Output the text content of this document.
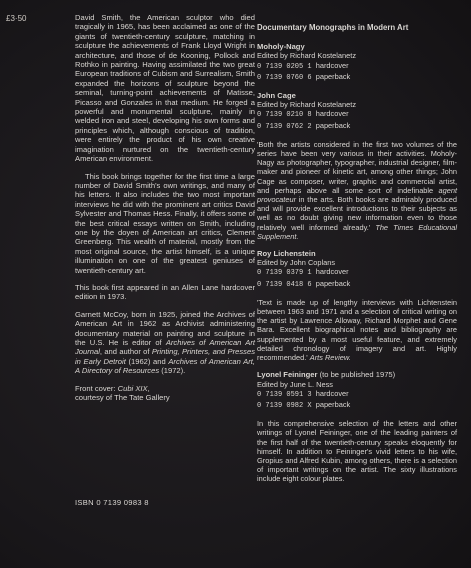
£3·50	David Smith, the American sculptor who died tragically in 1965, has been acclaimed as one of the giants of twentieth-century sculpture, matching in sculpture the achievements of Frank Lloyd Wright in architecture, and those of de Kooning, Pollock and Rothko in painting. Having assimilated the two great European traditions of Cubism and Surrealism, Smith expanded the horizons of sculpture beyond the seminal, turning-point achievements of Matisse, Picasso and Gonzales in that medium. He forged a powerful and monumental sculpture, mainly in welded iron and steel, developing his own forms and principles which, although conscious of tradition, were entirely the product of his own creative imagination nurtured on the twentieth-century American environment.

This book brings together for the first time a large number of David Smith's own writings, and many of his letters. It also includes the two most important interviews he did with the prominent art critics David Sylvester and Thomas Hess. Finally, it offers some of the best critical essays written on Smith, including one by the doyen of American art critics, Clement Greenberg. This wealth of material, mostly from the most original source, the artist himself, is a unique illumination on one of the greatest geniuses of twentieth-century art.

This book first appeared in an Allen Lane hardcover edition in 1973.

Garnett McCoy, born in 1925, joined the Archives of American Art in 1962 as Archivist administering documentary material on painting and sculpture in the U.S. He is editor of Archives of American Art Journal, and author of Printing, Printers, and Presses in Early Detroit (1962) and Archives of American Art, A Directory of Resources (1972).

Front cover: Cubi XIX,
courtesy of The Tate Gallery

ISBN 0 7139 0983 8
Documentary Monographs in Modern Art
Moholy-Nagy

Edited by Richard Kostelanetz

0 7139 0205 1 hardcover

0 7139 0760 6 paperback

John Cage

Edited by Richard Kostelanetz

0 7139 0210 8 hardcover

0 7139 0762 2 paperback

'Both the artists considered in the first two volumes of the series have been very various in their activities. Moholy-Nagy as photographer, typographer, industrial designer, film-maker and pioneer of kinetic art, among other things; John Cage as composer, writer, graphic and commercial artist, and perhaps above all some sort of indefinable agent provocateur in the arts. Both books are admirably produced and will provide excellent introductions to their subjects as well as no doubt giving new information even to those relatively well informed already.' The Times Educational Supplement.

Roy Lichenstein

Edited by John Coplans

0 7139 0379 1 hardcover

0 7139 0418 6 paperback

'Text is made up of lengthy interviews with Lichtenstein between 1963 and 1971 and a selection of critical writing on the artist by Lawrence Alloway, Richard Morphet and Gene Bara. Excellent biographical notes and bibliography are supplemented by a most useful feature, and extremely detailed chronology of imagery and art. Highly recommended.' Arts Review.

Lyonel Feininger (to be published 1975)

Edited by June L. Ness

0 7139 0591 3 hardcover

0 7139 0982 X paperback

In this comprehensive selection of the letters and other writings of Lyonel Feininger, one of the leading painters of the first half of the twentieth-century speaks eloquently for himself. In addition to Feininger's vivid letters to his wife, Gropius and Alfred Kubin, among others, there is a selection of important writings on the artist. The sixty illustrations include eight colour plates.
